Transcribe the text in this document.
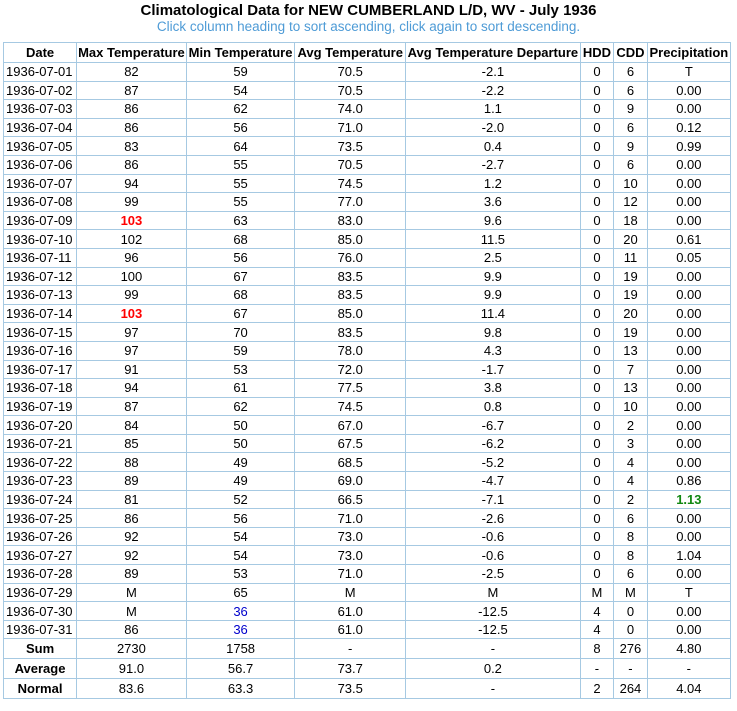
Climatological Data for NEW CUMBERLAND L/D, WV - July 1936
Click column heading to sort ascending, click again to sort descending.
Date	Max Temperature	Min Temperature	Avg Temperature	Avg Temperature Departure	HDD	CDD	Precipitation
1936-07-01	82	59	70.5	-2.1	0	6	T
1936-07-02	87	54	70.5	-2.2	0	6	0.00
1936-07-03	86	62	74.0	1.1	0	9	0.00
1936-07-04	86	56	71.0	-2.0	0	6	0.12
1936-07-05	83	64	73.5	0.4	0	9	0.99
1936-07-06	86	55	70.5	-2.7	0	6	0.00
1936-07-07	94	55	74.5	1.2	0	10	0.00
1936-07-08	99	55	77.0	3.6	0	12	0.00
1936-07-09	103	63	83.0	9.6	0	18	0.00
1936-07-10	102	68	85.0	11.5	0	20	0.61
1936-07-11	96	56	76.0	2.5	0	11	0.05
1936-07-12	100	67	83.5	9.9	0	19	0.00
1936-07-13	99	68	83.5	9.9	0	19	0.00
1936-07-14	103	67	85.0	11.4	0	20	0.00
1936-07-15	97	70	83.5	9.8	0	19	0.00
1936-07-16	97	59	78.0	4.3	0	13	0.00
1936-07-17	91	53	72.0	-1.7	0	7	0.00
1936-07-18	94	61	77.5	3.8	0	13	0.00
1936-07-19	87	62	74.5	0.8	0	10	0.00
1936-07-20	84	50	67.0	-6.7	0	2	0.00
1936-07-21	85	50	67.5	-6.2	0	3	0.00
1936-07-22	88	49	68.5	-5.2	0	4	0.00
1936-07-23	89	49	69.0	-4.7	0	4	0.86
1936-07-24	81	52	66.5	-7.1	0	2	1.13
1936-07-25	86	56	71.0	-2.6	0	6	0.00
1936-07-26	92	54	73.0	-0.6	0	8	0.00
1936-07-27	92	54	73.0	-0.6	0	8	1.04
1936-07-28	89	53	71.0	-2.5	0	6	0.00
1936-07-29	M	65	M	M	M	M	T
1936-07-30	M	36	61.0	-12.5	4	0	0.00
1936-07-31	86	36	61.0	-12.5	4	0	0.00
Sum	2730	1758	-	-	8	276	4.80
Average	91.0	56.7	73.7	0.2	-	-	-
Normal	83.6	63.3	73.5	-	2	264	4.04
